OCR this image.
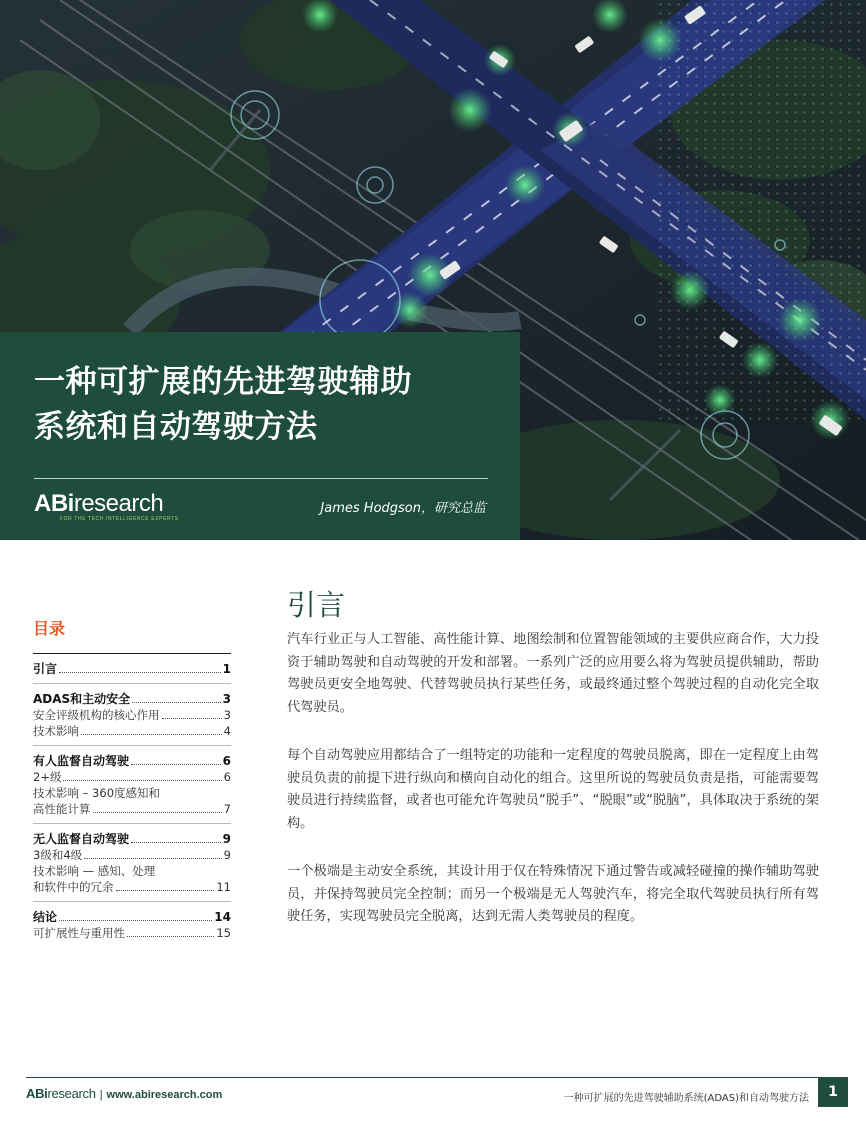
一种可扩展的先进驾驶辅助
系统和自动驾驶方法
ABiresearch
FOR THE TECH INTELLIGENCE EXPERTS
James Hodgson，研究总监
目录
引言	1
ADAS和主动安全	3
安全评级机构的核心作用	3
技术影响	4
有人监督自动驾驶	6
2+级	6
技术影响 – 360度感知和
高性能计算	7
无人监督自动驾驶	9
3级和4级	9
技术影响 — 感知、处理
和软件中的冗余	11
结论	14
可扩展性与重用性	15
引言

汽车行业正与人工智能、高性能计算、地图绘制和位置智能领域的主要供应商合作，大力投资于辅助驾驶和自动驾驶的开发和部署。一系列广泛的应用要么将为驾驶员提供辅助，帮助驾驶员更安全地驾驶、代替驾驶员执行某些任务，或最终通过整个驾驶过程的自动化完全取代驾驶员。

每个自动驾驶应用都结合了一组特定的功能和一定程度的驾驶员脱离，即在一定程度上由驾驶员负责的前提下进行纵向和横向自动化的组合。这里所说的驾驶员负责是指，可能需要驾驶员进行持续监督，或者也可能允许驾驶员“脱手”、“脱眼”或“脱脑”，具体取决于系统的架构。

一个极端是主动安全系统，其设计用于仅在特殊情况下通过警告或减轻碰撞的操作辅助驾驶员，并保持驾驶员完全控制；而另一个极端是无人驾驶汽车，将完全取代驾驶员执行所有驾驶任务，实现驾驶员完全脱离，达到无需人类驾驶员的程度。

ABiresearch | www.abiresearch.com	一种可扩展的先进驾驶辅助系统(ADAS)和自动驾驶方法	1
